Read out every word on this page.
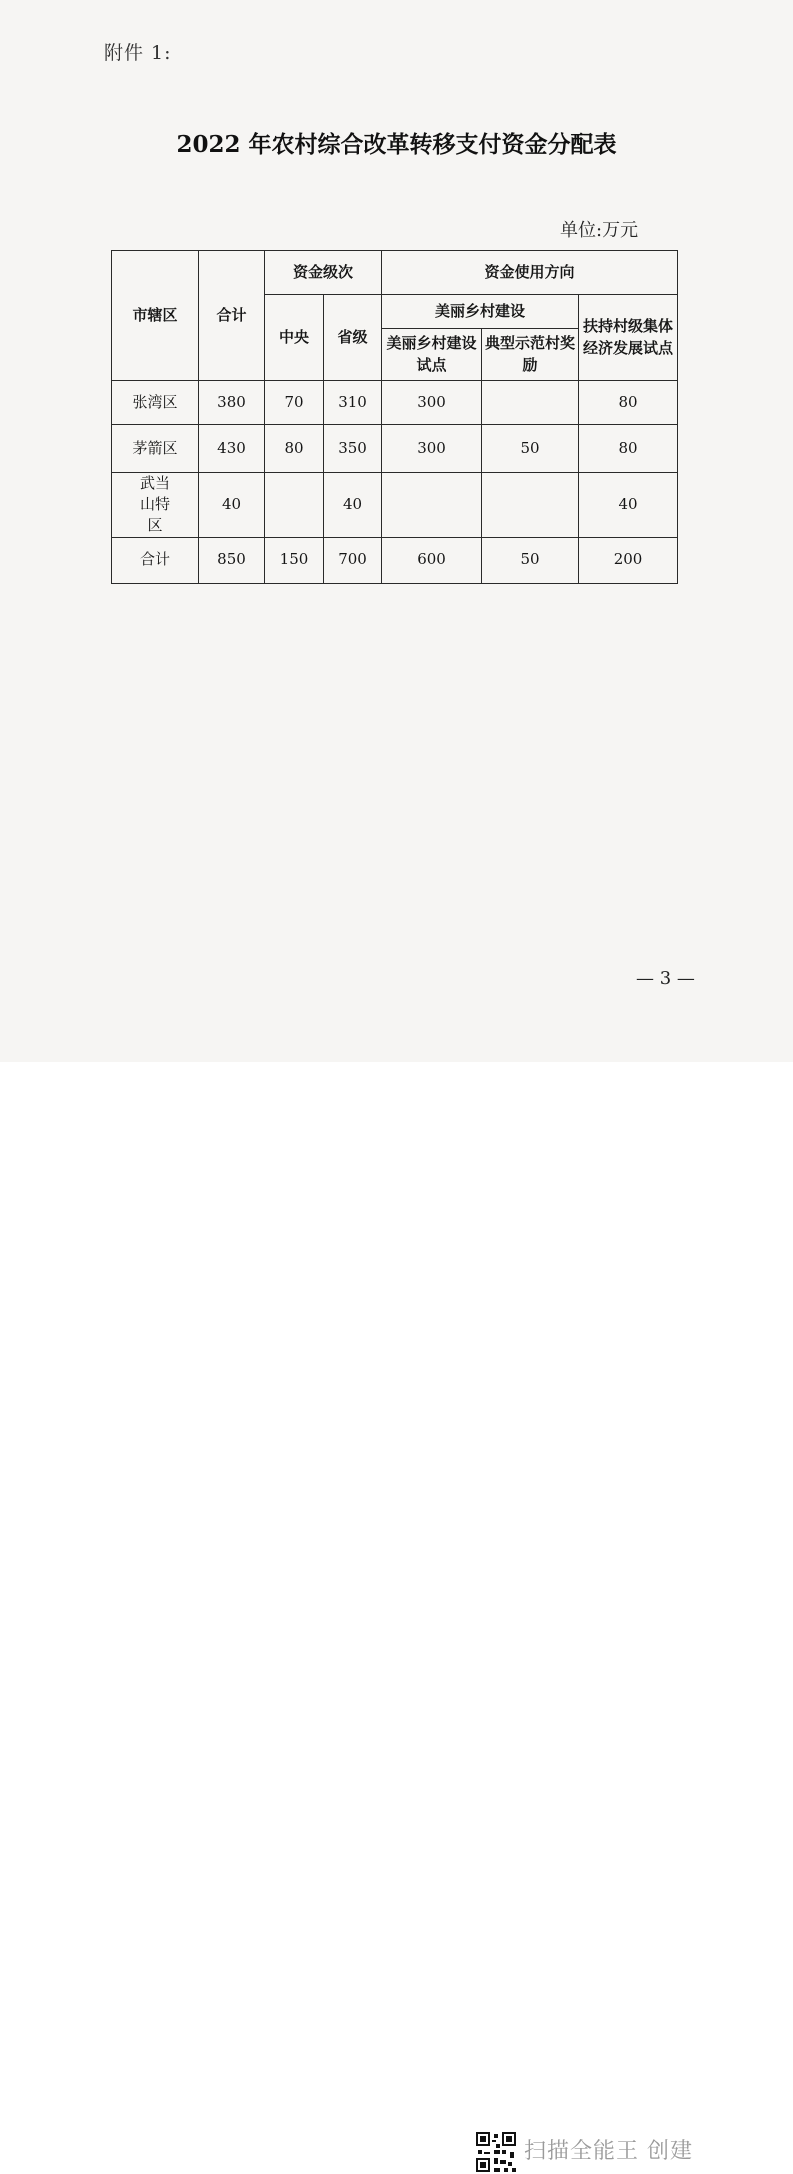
附件 1:
2022 年农村综合改革转移支付资金分配表
单位:万元
市辖区	合计	资金级次		资金使用方向		
		中央	省级	美丽乡村建设		扶持村级集体经济发展试点
				美丽乡村建设试点	典型示范村奖励	
张湾区	380	70	310	300		80
茅箭区	430	80	350	300	50	80
武当山特区	40		40			40
合计	850	150	700	600	50	200
— 3 —
扫描全能王 创建
